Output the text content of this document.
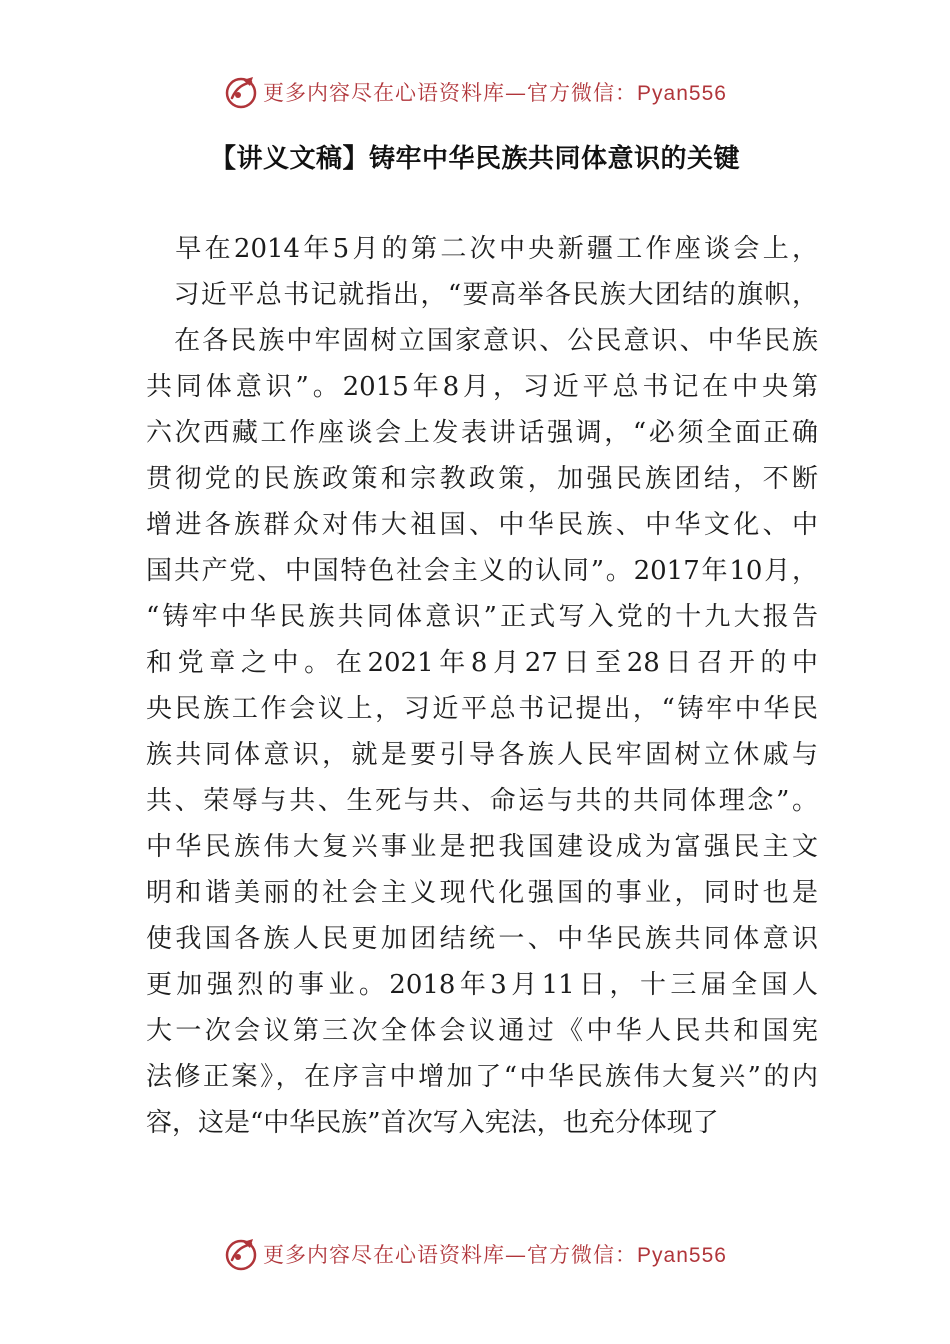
更多内容尽在心语资料库—官方微信：Pyan556
【讲义文稿】铸牢中华民族共同体意识的关键
　早在2014年5月的第二次中央新疆工作座谈会上，
　习近平总书记就指出，“要高举各民族大团结的旗帜，
　在各民族中牢固树立国家意识、公民意识、中华民族
共同体意识”。2015年8月，习近平总书记在中央第
六次西藏工作座谈会上发表讲话强调，“必须全面正确
贯彻党的民族政策和宗教政策，加强民族团结，不断
增进各族群众对伟大祖国、中华民族、中华文化、中
国共产党、中国特色社会主义的认同”。2017年10月，
“铸牢中华民族共同体意识”正式写入党的十九大报告
和党章之中。在2021年8月27日至28日召开的中
央民族工作会议上，习近平总书记提出，“铸牢中华民
族共同体意识，就是要引导各族人民牢固树立休戚与
共、荣辱与共、生死与共、命运与共的共同体理念”。
中华民族伟大复兴事业是把我国建设成为富强民主文
明和谐美丽的社会主义现代化强国的事业，同时也是
使我国各族人民更加团结统一、中华民族共同体意识
更加强烈的事业。2018年3月11日，十三届全国人
大一次会议第三次全体会议通过《中华人民共和国宪
法修正案》，在序言中增加了“中华民族伟大复兴”的内
容，这是“中华民族”首次写入宪法，也充分体现了
更多内容尽在心语资料库—官方微信：Pyan556
